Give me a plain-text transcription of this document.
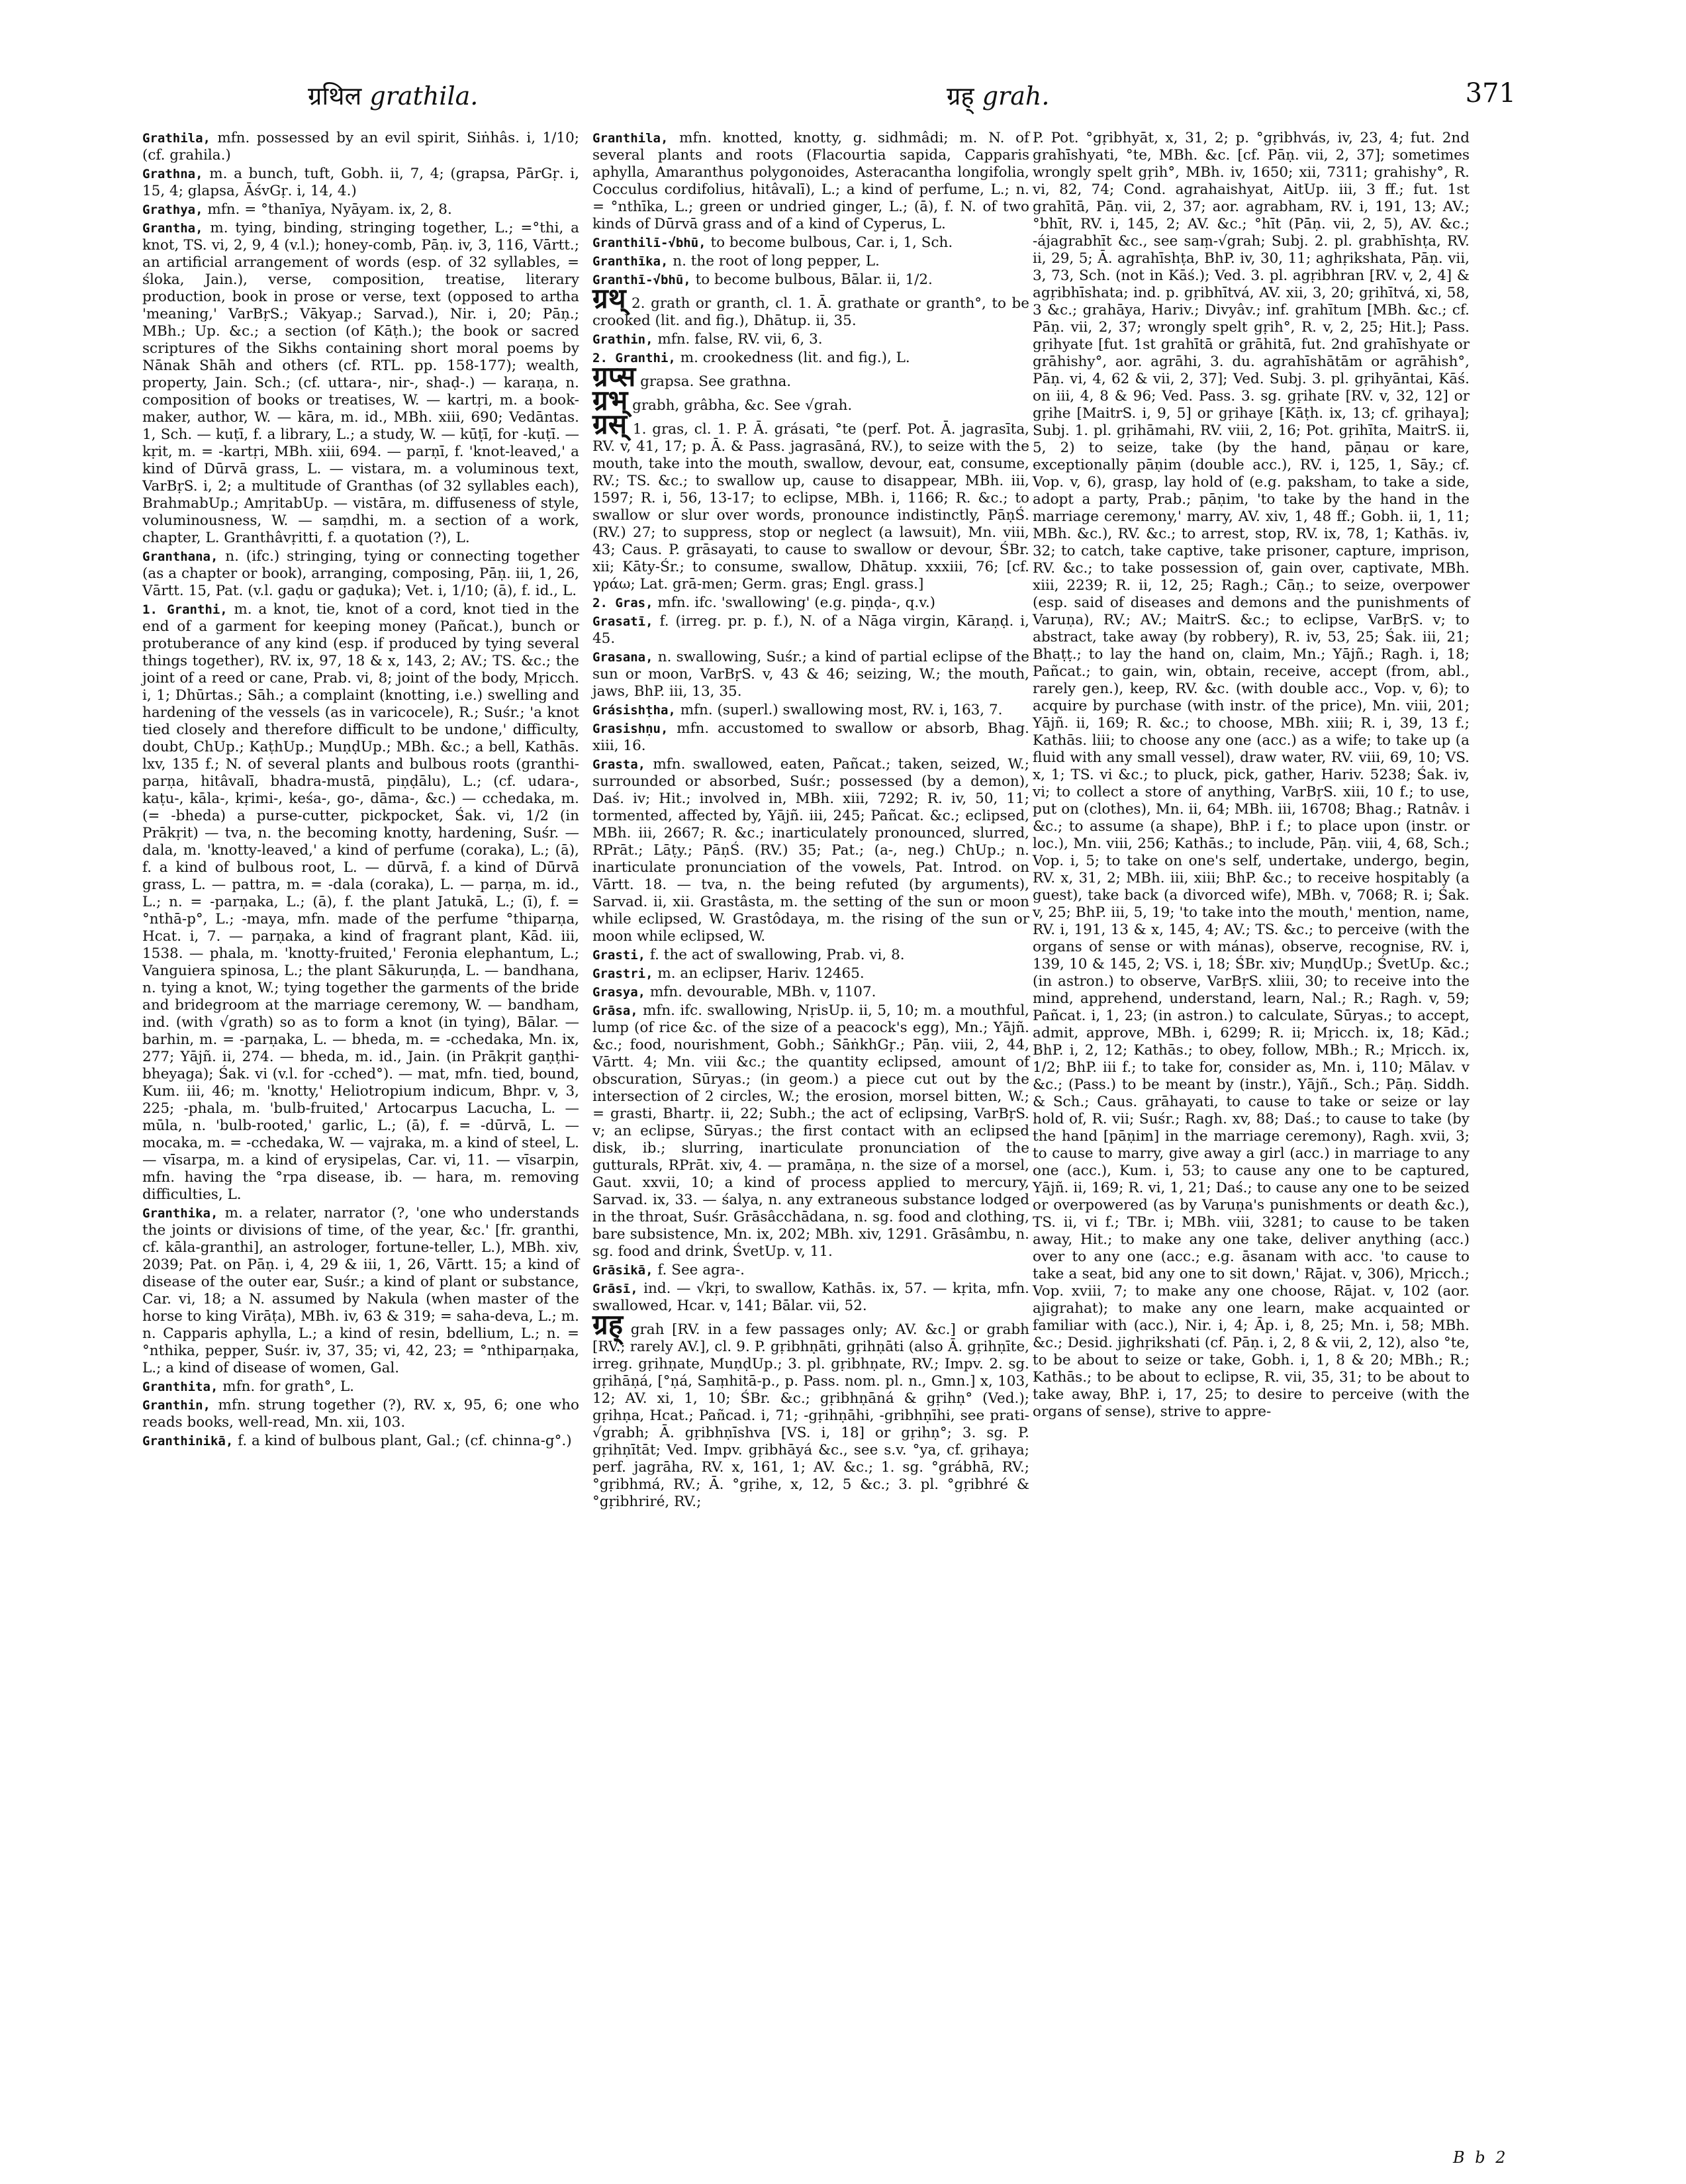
ग्रथिल grathila.	ग्रह् grah.	371
Grathila, mfn. possessed by an evil spirit, Siṅhâs. i, 1/10; (cf. grahila.)
Grathna, m. a bunch, tuft, Gobh. ii, 7, 4; (grapsa, PārGṛ. i, 15, 4; glapsa, ĀśvGṛ. i, 14, 4.)
Grathya, mfn. = °thanīya, Nyāyam. ix, 2, 8.
Grantha, m. tying, binding, stringing together, L.; =°thi, a knot, TS. vi, 2, 9, 4 (v.l.); honey-comb, Pāṇ. iv, 3, 116, Vārtt.; an artificial arrangement of words (esp. of 32 syllables, = śloka, Jain.), verse, composition, treatise, literary production, book in prose or verse, text (opposed to artha 'meaning,' VarBṛS.; Vākyap.; Sarvad.), Nir. i, 20; Pāṇ.; MBh.; Up. &c.; a section (of Kāṭh.); the book or sacred scriptures of the Sikhs containing short moral poems by Nānak Shāh and others (cf. RTL. pp. 158-177); wealth, property, Jain. Sch.; (cf. uttara-, nir-, shaḍ-.) — karaṇa, n. composition of books or treatises, W. — kartṛi, m. a book-maker, author, W. — kāra, m. id., MBh. xiii, 690; Vedāntas. 1, Sch. — kuṭī, f. a library, L.; a study, W. — kūṭī, for -kuṭī. — kṛit, m. = -kartṛi, MBh. xiii, 694. — parṇī, f. 'knot-leaved,' a kind of Dūrvā grass, L. — vistara, m. a voluminous text, VarBṛS. i, 2; a multitude of Granthas (of 32 syllables each), BrahmabUp.; AmṛitabUp. — vistāra, m. diffuseness of style, voluminousness, W. — saṃdhi, m. a section of a work, chapter, L. Granthâvṛitti, f. a quotation (?), L.
Granthana, n. (ifc.) stringing, tying or connecting together (as a chapter or book), arranging, composing, Pāṇ. iii, 1, 26, Vārtt. 15, Pat. (v.l. gaḍu or gaḍuka); Vet. i, 1/10; (ā), f. id., L.
1. Granthi, m. a knot, tie, knot of a cord, knot tied in the end of a garment for keeping money (Pañcat.), bunch or protuberance of any kind (esp. if produced by tying several things together), RV. ix, 97, 18 & x, 143, 2; AV.; TS. &c.; the joint of a reed or cane, Prab. vi, 8; joint of the body, Mṛicch. i, 1; Dhūrtas.; Sāh.; a complaint (knotting, i.e.) swelling and hardening of the vessels (as in varicocele), R.; Suśr.; 'a knot tied closely and therefore difficult to be undone,' difficulty, doubt, ChUp.; KaṭhUp.; MuṇḍUp.; MBh. &c.; a bell, Kathās. lxv, 135 f.; N. of several plants and bulbous roots (granthi-parṇa, hitâvalī, bhadra-mustā, piṇḍālu), L.; (cf. udara-, kaṭu-, kāla-, kṛimi-, keśa-, go-, dāma-, &c.) — cchedaka, m. (= -bheda) a purse-cutter, pickpocket, Śak. vi, 1/2 (in Prākṛit) — tva, n. the becoming knotty, hardening, Suśr. — dala, m. 'knotty-leaved,' a kind of perfume (coraka), L.; (ā), f. a kind of bulbous root, L. — dūrvā, f. a kind of Dūrvā grass, L. — pattra, m. = -dala (coraka), L. — parṇa, m. id., L.; n. = -parṇaka, L.; (ā), f. the plant Jatukā, L.; (ī), f. = °nthā-p°, L.; -maya, mfn. made of the perfume °thiparṇa, Hcat. i, 7. — parṇaka, a kind of fragrant plant, Kād. iii, 1538. — phala, m. 'knotty-fruited,' Feronia elephantum, L.; Vanguiera spinosa, L.; the plant Sākuruṇḍa, L. — bandhana, n. tying a knot, W.; tying together the garments of the bride and bridegroom at the marriage ceremony, W. — bandham, ind. (with √grath) so as to form a knot (in tying), Bālar. — barhin, m. = -parṇaka, L. — bheda, m. = -cchedaka, Mn. ix, 277; Yājñ. ii, 274. — bheda, m. id., Jain. (in Prākṛit gaṇṭhi-bheyaga); Śak. vi (v.l. for -cched°). — mat, mfn. tied, bound, Kum. iii, 46; m. 'knotty,' Heliotropium indicum, Bhpr. v, 3, 225; -phala, m. 'bulb-fruited,' Artocarpus Lacucha, L. — mūla, n. 'bulb-rooted,' garlic, L.; (ā), f. = -dūrvā, L. — mocaka, m. = -cchedaka, W. — vajraka, m. a kind of steel, L. — vīsarpa, m. a kind of erysipelas, Car. vi, 11. — vīsarpin, mfn. having the °rpa disease, ib. — hara, m. removing difficulties, L.
Granthika, m. a relater, narrator (?, 'one who understands the joints or divisions of time, of the year, &c.' [fr. granthi, cf. kāla-granthi], an astrologer, fortune-teller, L.), MBh. xiv, 2039; Pat. on Pāṇ. i, 4, 29 & iii, 1, 26, Vārtt. 15; a kind of disease of the outer ear, Suśr.; a kind of plant or substance, Car. vi, 18; a N. assumed by Nakula (when master of the horse to king Virāṭa), MBh. iv, 63 & 319; = saha-deva, L.; m. n. Capparis aphylla, L.; a kind of resin, bdellium, L.; n. = °nthika, pepper, Suśr. iv, 37, 35; vi, 42, 23; = °nthiparṇaka, L.; a kind of disease of women, Gal.
Granthita, mfn. for grath°, L.
Granthin, mfn. strung together (?), RV. x, 95, 6; one who reads books, well-read, Mn. xii, 103.
Granthinikā, f. a kind of bulbous plant, Gal.; (cf. chinna-g°.)
Granthila, mfn. knotted, knotty, g. sidhmâdi; m. N. of several plants and roots (Flacourtia sapida, Capparis aphylla, Amaranthus polygonoides, Asteracantha longifolia, Cocculus cordifolius, hitâvalī), L.; a kind of perfume, L.; n. = °nthīka, L.; green or undried ginger, L.; (ā), f. N. of two kinds of Dūrvā grass and of a kind of Cyperus, L.
Granthilī-√bhū, to become bulbous, Car. i, 1, Sch.
Granthīka, n. the root of long pepper, L.
Granthī-√bhū, to become bulbous, Bālar. ii, 1/2.
ग्रथ् 2. grath or granth, cl. 1. Ā. grathate or granth°, to be crooked (lit. and fig.), Dhātup. ii, 35.
Grathin, mfn. false, RV. vii, 6, 3.
2. Granthi, m. crookedness (lit. and fig.), L.
ग्रप्स grapsa. See grathna.
ग्रभ् grabh, grâbha, &c. See √grah.
ग्रस् 1. gras, cl. 1. P. Ā. grásati, °te (perf. Pot. Ā. jagrasīta, RV. v, 41, 17; p. Ā. & Pass. jagrasāná, RV.), to seize with the mouth, take into the mouth, swallow, devour, eat, consume, RV.; TS. &c.; to swallow up, cause to disappear, MBh. iii, 1597; R. i, 56, 13-17; to eclipse, MBh. i, 1166; R. &c.; to swallow or slur over words, pronounce indistinctly, PāṇŚ. (RV.) 27; to suppress, stop or neglect (a lawsuit), Mn. viii, 43; Caus. P. grāsayati, to cause to swallow or devour, ŚBr. xii; Kāty-Śr.; to consume, swallow, Dhātup. xxxiii, 76; [cf. γράω; Lat. grā-men; Germ. gras; Engl. grass.]
2. Gras, mfn. ifc. 'swallowing' (e.g. piṇḍa-, q.v.)
Grasatī, f. (irreg. pr. p. f.), N. of a Nāga virgin, Kāraṇḍ. i, 45.
Grasana, n. swallowing, Suśr.; a kind of partial eclipse of the sun or moon, VarBṛS. v, 43 & 46; seizing, W.; the mouth, jaws, BhP. iii, 13, 35.
Grásishṭha, mfn. (superl.) swallowing most, RV. i, 163, 7.
Grasishṇu, mfn. accustomed to swallow or absorb, Bhag. xiii, 16.
Grasta, mfn. swallowed, eaten, Pañcat.; taken, seized, W.; surrounded or absorbed, Suśr.; possessed (by a demon), Daś. iv; Hit.; involved in, MBh. xiii, 7292; R. iv, 50, 11; tormented, affected by, Yājñ. iii, 245; Pañcat. &c.; eclipsed, MBh. iii, 2667; R. &c.; inarticulately pronounced, slurred, RPrāt.; Lāṭy.; PāṇŚ. (RV.) 35; Pat.; (a-, neg.) ChUp.; n. inarticulate pronunciation of the vowels, Pat. Introd. on Vārtt. 18. — tva, n. the being refuted (by arguments), Sarvad. ii, xii. Grastâsta, m. the setting of the sun or moon while eclipsed, W. Grastôdaya, m. the rising of the sun or moon while eclipsed, W.
Grasti, f. the act of swallowing, Prab. vi, 8.
Grastri, m. an eclipser, Hariv. 12465.
Grasya, mfn. devourable, MBh. v, 1107.
Grāsa, mfn. ifc. swallowing, NṛisUp. ii, 5, 10; m. a mouthful, lump (of rice &c. of the size of a peacock's egg), Mn.; Yājñ. &c.; food, nourishment, Gobh.; SāṅkhGṛ.; Pāṇ. viii, 2, 44, Vārtt. 4; Mn. viii &c.; the quantity eclipsed, amount of obscuration, Sūryas.; (in geom.) a piece cut out by the intersection of 2 circles, W.; the erosion, morsel bitten, W.; = grasti, Bhartṛ. ii, 22; Subh.; the act of eclipsing, VarBṛS. v; an eclipse, Sūryas.; the first contact with an eclipsed disk, ib.; slurring, inarticulate pronunciation of the gutturals, RPrāt. xiv, 4. — pramāṇa, n. the size of a morsel, Gaut. xxvii, 10; a kind of process applied to mercury, Sarvad. ix, 33. — śalya, n. any extraneous substance lodged in the throat, Suśr. Grāsâcchādana, n. sg. food and clothing, bare subsistence, Mn. ix, 202; MBh. xiv, 1291. Grāsâmbu, n. sg. food and drink, ŚvetUp. v, 11.
Grāsikā, f. See agra-.
Grāsī, ind. — √kṛi, to swallow, Kathās. ix, 57. — kṛita, mfn. swallowed, Hcar. v, 141; Bālar. vii, 52.
ग्रह् grah [RV. in a few passages only; AV. &c.] or grabh [RV.; rarely AV.], cl. 9. P. gṛibhṇāti, gṛihṇāti (also Ā. gṛihṇīte, irreg. gṛihṇate, MuṇḍUp.; 3. pl. gṛibhṇate, RV.; Impv. 2. sg. gṛihāṇá, [°ṇá, Saṃhitā-p., p. Pass. nom. pl. n., Gmn.] x, 103, 12; AV. xi, 1, 10; ŚBr. &c.; gṛibhṇāná & gṛihṇ° (Ved.); gṛihṇa, Hcat.; Pañcad. i, 71; -gṛihṇāhi, -gribhṇīhi, see prati-√grabh; Ā. gṛibhṇīshva [VS. i, 18] or gṛihṇ°; 3. sg. P. gṛihṇītāt; Ved. Impv. gṛibhāyá &c., see s.v. °ya, cf. gṛihaya; perf. jagrāha, RV. x, 161, 1; AV. &c.; 1. sg. °grábhā, RV.; °gṛibhmá, RV.; Ā. °gṛihe, x, 12, 5 &c.; 3. pl. °gṛibhré & °gṛibhriré, RV.;
P. Pot. °gṛibhyāt, x, 31, 2; p. °gṛibhvás, iv, 23, 4; fut. 2nd grahīshyati, °te, MBh. &c. [cf. Pāṇ. vii, 2, 37]; sometimes wrongly spelt gṛih°, MBh. iv, 1650; xii, 7311; grahishy°, R. vi, 82, 74; Cond. agrahaishyat, AitUp. iii, 3 ff.; fut. 1st grahītā, Pāṇ. vii, 2, 37; aor. agrabham, RV. i, 191, 13; AV.; °bhīt, RV. i, 145, 2; AV. &c.; °hīt (Pāṇ. vii, 2, 5), AV. &c.; -ájagrabhīt &c., see saṃ-√grah; Subj. 2. pl. grabhīshṭa, RV. ii, 29, 5; Ā. agrahīshṭa, BhP. iv, 30, 11; aghṛikshata, Pāṇ. vii, 3, 73, Sch. (not in Kāś.); Ved. 3. pl. agṛibhran [RV. v, 2, 4] & agṛibhīshata; ind. p. gṛibhītvá, AV. xii, 3, 20; gṛihītvá, xi, 58, 3 &c.; grahāya, Hariv.; Divyâv.; inf. grahītum [MBh. &c.; cf. Pāṇ. vii, 2, 37; wrongly spelt gṛih°, R. v, 2, 25; Hit.]; Pass. gṛihyate [fut. 1st grahītā or grāhitā, fut. 2nd grahīshyate or grāhishy°, aor. agrāhi, 3. du. agrahīshātām or agrāhish°, Pāṇ. vi, 4, 62 & vii, 2, 37]; Ved. Subj. 3. pl. gṛihyāntai, Kāś. on iii, 4, 8 & 96; Ved. Pass. 3. sg. gṛihate [RV. v, 32, 12] or gṛihe [MaitrS. i, 9, 5] or gṛihaye [Kāṭh. ix, 13; cf. gṛihaya]; Subj. 1. pl. gṛihāmahi, RV. viii, 2, 16; Pot. gṛihīta, MaitrS. ii, 5, 2) to seize, take (by the hand, pāṇau or kare, exceptionally pāṇim (double acc.), RV. i, 125, 1, Sāy.; cf. Vop. v, 6), grasp, lay hold of (e.g. paksham, to take a side, adopt a party, Prab.; pāṇim, 'to take by the hand in the marriage ceremony,' marry, AV. xiv, 1, 48 ff.; Gobh. ii, 1, 11; MBh. &c.), RV. &c.; to arrest, stop, RV. ix, 78, 1; Kathās. iv, 32; to catch, take captive, take prisoner, capture, imprison, RV. &c.; to take possession of, gain over, captivate, MBh. xiii, 2239; R. ii, 12, 25; Ragh.; Cāṇ.; to seize, overpower (esp. said of diseases and demons and the punishments of Varuṇa), RV.; AV.; MaitrS. &c.; to eclipse, VarBṛS. v; to abstract, take away (by robbery), R. iv, 53, 25; Śak. iii, 21; Bhaṭṭ.; to lay the hand on, claim, Mn.; Yājñ.; Ragh. i, 18; Pañcat.; to gain, win, obtain, receive, accept (from, abl., rarely gen.), keep, RV. &c. (with double acc., Vop. v, 6); to acquire by purchase (with instr. of the price), Mn. viii, 201; Yājñ. ii, 169; R. &c.; to choose, MBh. xiii; R. i, 39, 13 f.; Kathās. liii; to choose any one (acc.) as a wife; to take up (a fluid with any small vessel), draw water, RV. viii, 69, 10; VS. x, 1; TS. vi &c.; to pluck, pick, gather, Hariv. 5238; Śak. iv, vi; to collect a store of anything, VarBṛS. xiii, 10 f.; to use, put on (clothes), Mn. ii, 64; MBh. iii, 16708; Bhag.; Ratnâv. i &c.; to assume (a shape), BhP. i f.; to place upon (instr. or loc.), Mn. viii, 256; Kathās.; to include, Pāṇ. viii, 4, 68, Sch.; Vop. i, 5; to take on one's self, undertake, undergo, begin, RV. x, 31, 2; MBh. iii, xiii; BhP. &c.; to receive hospitably (a guest), take back (a divorced wife), MBh. v, 7068; R. i; Śak. v, 25; BhP. iii, 5, 19; 'to take into the mouth,' mention, name, RV. i, 191, 13 & x, 145, 4; AV.; TS. &c.; to perceive (with the organs of sense or with mánas), observe, recognise, RV. i, 139, 10 & 145, 2; VS. i, 18; ŚBr. xiv; MuṇḍUp.; ŚvetUp. &c.; (in astron.) to observe, VarBṛS. xliii, 30; to receive into the mind, apprehend, understand, learn, Nal.; R.; Ragh. v, 59; Pañcat. i, 1, 23; (in astron.) to calculate, Sūryas.; to accept, admit, approve, MBh. i, 6299; R. ii; Mṛicch. ix, 18; Kād.; BhP. i, 2, 12; Kathās.; to obey, follow, MBh.; R.; Mṛicch. ix, 1/2; BhP. iii f.; to take for, consider as, Mn. i, 110; Mālav. v &c.; (Pass.) to be meant by (instr.), Yājñ., Sch.; Pāṇ. Siddh. & Sch.; Caus. grāhayati, to cause to take or seize or lay hold of, R. vii; Suśr.; Ragh. xv, 88; Daś.; to cause to take (by the hand [pāṇim] in the marriage ceremony), Ragh. xvii, 3; to cause to marry, give away a girl (acc.) in marriage to any one (acc.), Kum. i, 53; to cause any one to be captured, Yājñ. ii, 169; R. vi, 1, 21; Daś.; to cause any one to be seized or overpowered (as by Varuṇa's punishments or death &c.), TS. ii, vi f.; TBr. i; MBh. viii, 3281; to cause to be taken away, Hit.; to make any one take, deliver anything (acc.) over to any one (acc.; e.g. āsanam with acc. 'to cause to take a seat, bid any one to sit down,' Rājat. v, 306), Mṛicch.; Vop. xviii, 7; to make any one choose, Rājat. v, 102 (aor. ajigrahat); to make any one learn, make acquainted or familiar with (acc.), Nir. i, 4; Āp. i, 8, 25; Mn. i, 58; MBh. &c.; Desid. jighṛikshati (cf. Pāṇ. i, 2, 8 & vii, 2, 12), also °te, to be about to seize or take, Gobh. i, 1, 8 & 20; MBh.; R.; Kathās.; to be about to eclipse, R. vii, 35, 31; to be about to take away, BhP. i, 17, 25; to desire to perceive (with the organs of sense), strive to appre-
B b 2
